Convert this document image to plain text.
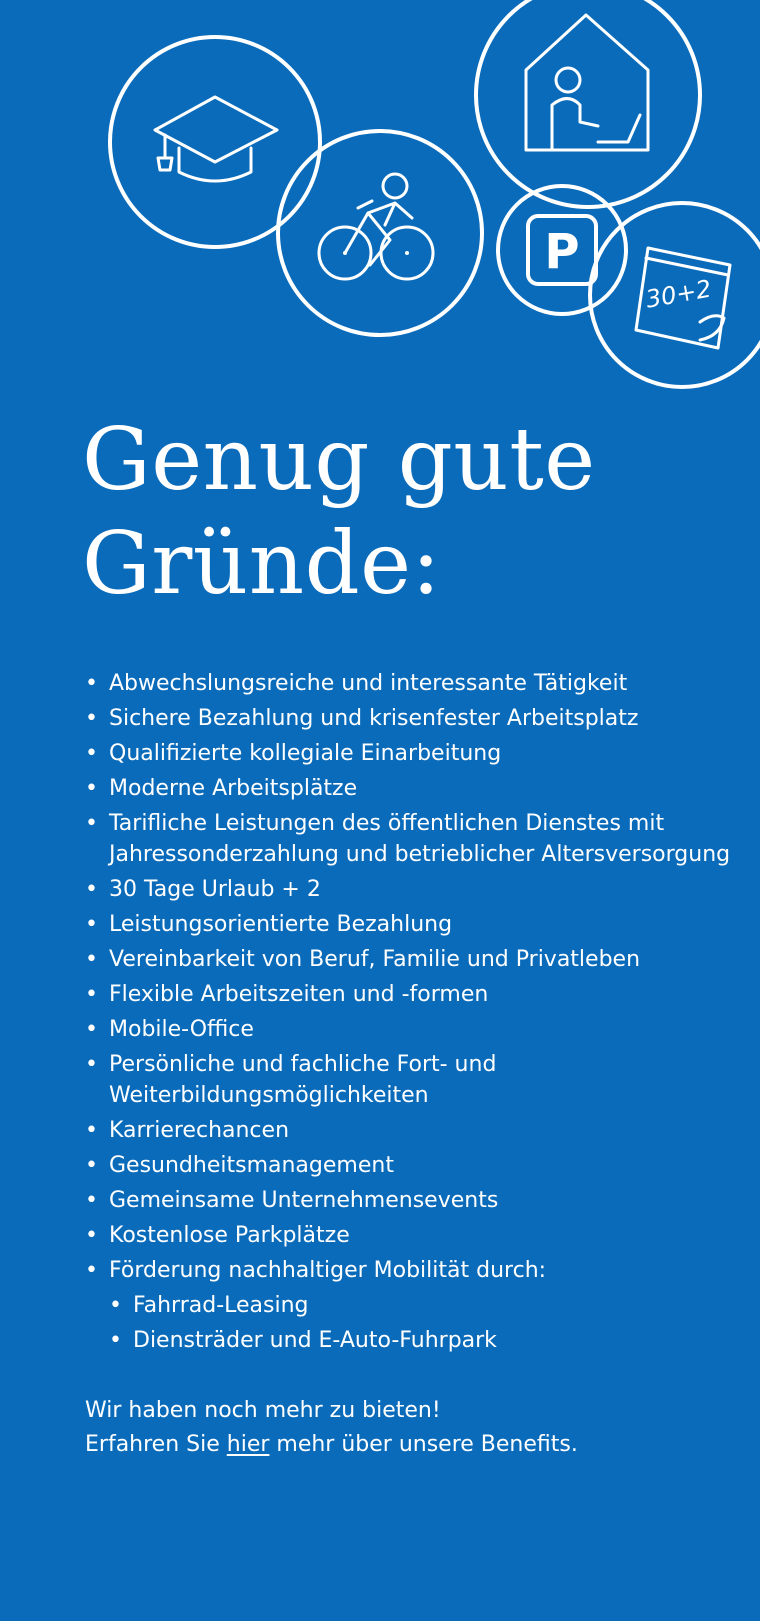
P
30+2
Genug gute
Gründe:
• Abwechslungsreiche und interessante Tätigkeit
• Sichere Bezahlung und krisenfester Arbeitsplatz
• Qualifizierte kollegiale Einarbeitung
• Moderne Arbeitsplätze
• Tarifliche Leistungen des öffentlichen Dienstes mit Jahressonderzahlung und betrieblicher Altersversorgung
• 30 Tage Urlaub + 2
• Leistungsorientierte Bezahlung
• Vereinbarkeit von Beruf, Familie und Privatleben
• Flexible Arbeitszeiten und -formen
• Mobile-Office
• Persönliche und fachliche Fort- und Weiterbildungsmöglichkeiten
• Karrierechancen
• Gesundheitsmanagement
• Gemeinsame Unternehmensevents
• Kostenlose Parkplätze
• Förderung nachhaltiger Mobilität durch:
• Fahrrad-Leasing
• Diensträder und E-Auto-Fuhrpark

Wir haben noch mehr zu bieten!

Erfahren Sie hier mehr über unsere Benefits.
